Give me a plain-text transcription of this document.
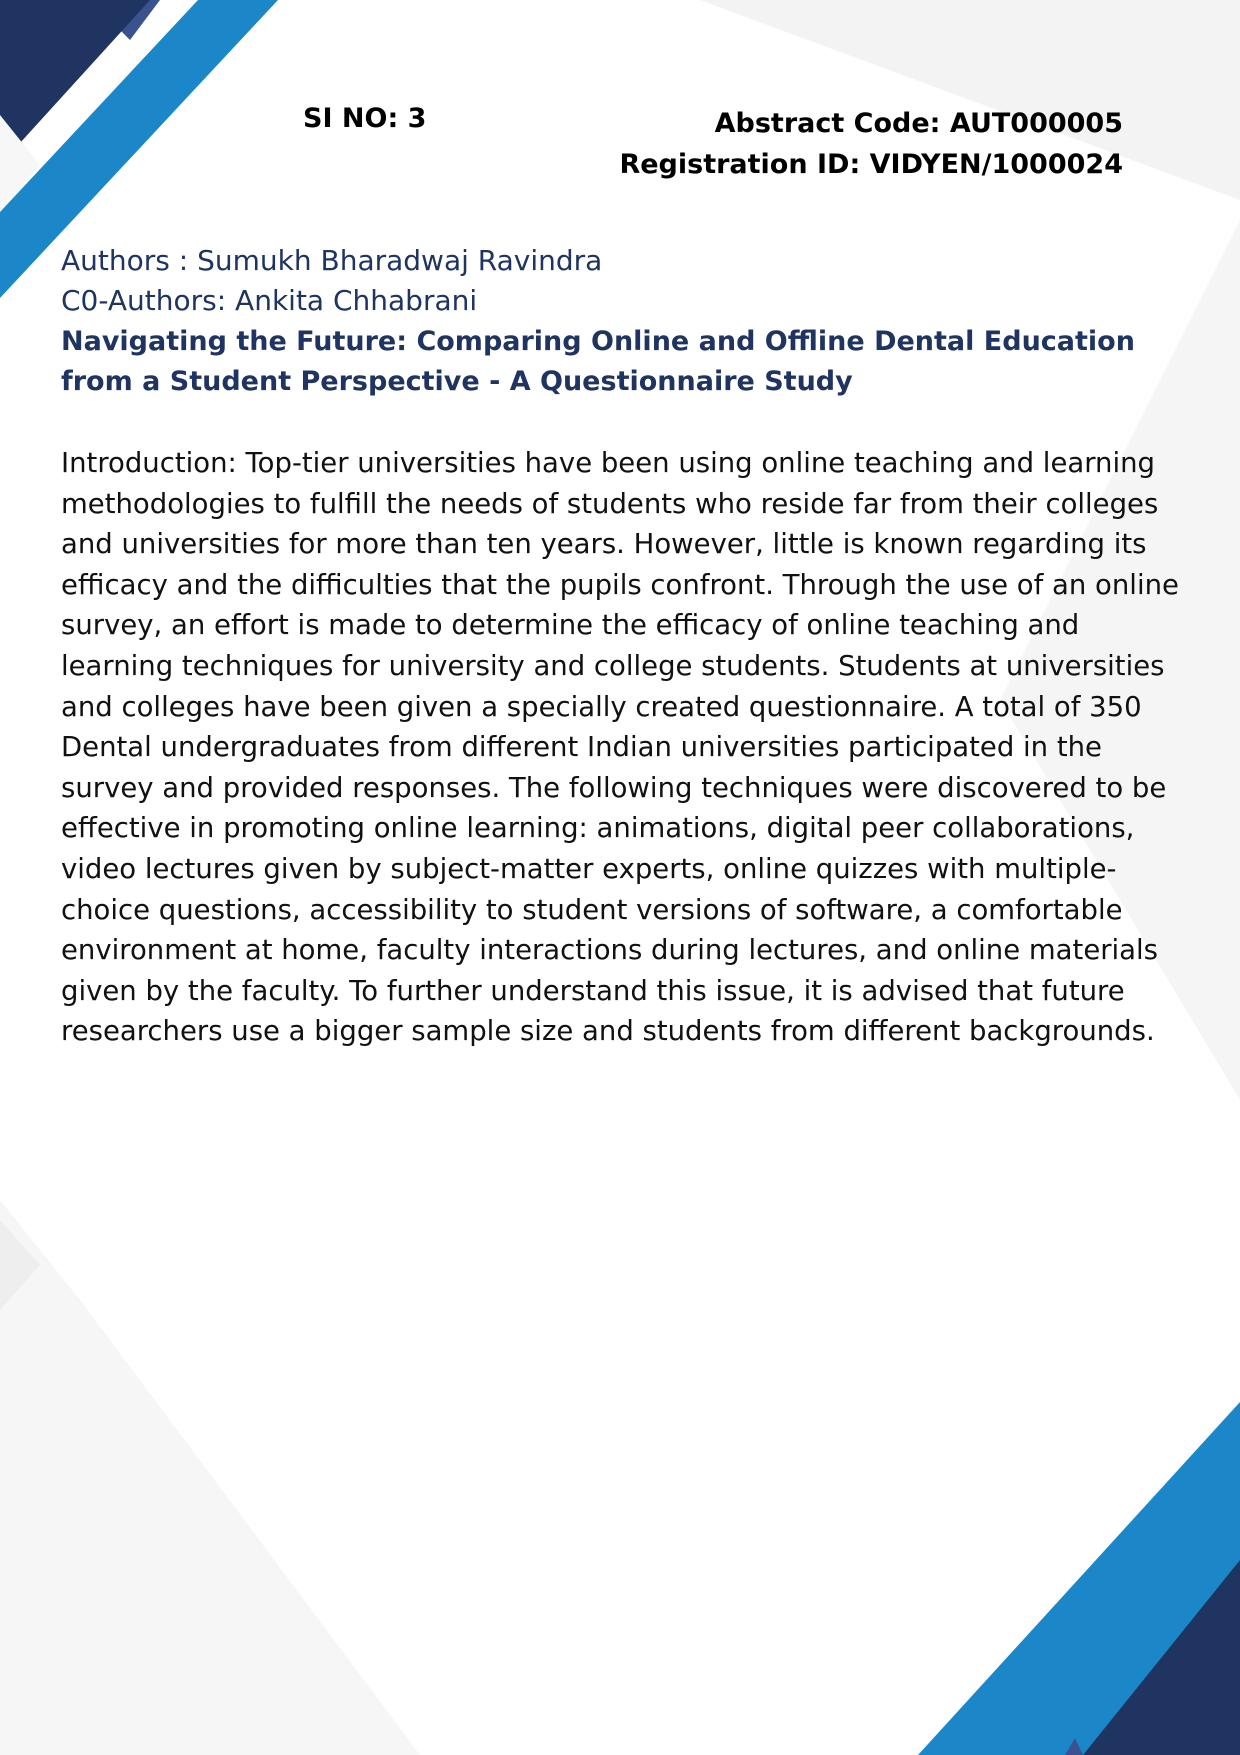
SI NO: 3	Abstract Code: AUT000005
Registration ID: VIDYEN/1000024
Authors : Sumukh Bharadwaj Ravindra
C0-Authors: Ankita Chhabrani
Navigating the Future: Comparing Online and Offline Dental Education from a Student Perspective - A Questionnaire Study

Introduction: Top-tier universities have been using online teaching and learning methodologies to fulfill the needs of students who reside far from their colleges and universities for more than ten years. However, little is known regarding its efficacy and the difficulties that the pupils confront. Through the use of an online survey, an effort is made to determine the efficacy of online teaching and learning techniques for university and college students. Students at universities and colleges have been given a specially created questionnaire. A total of 350 Dental undergraduates from different Indian universities participated in the survey and provided responses. The following techniques were discovered to be effective in promoting online learning: animations, digital peer collaborations, video lectures given by subject-matter experts, online quizzes with multiple-choice questions, accessibility to student versions of software, a comfortable environment at home, faculty interactions during lectures, and online materials given by the faculty. To further understand this issue, it is advised that future researchers use a bigger sample size and students from different backgrounds.
